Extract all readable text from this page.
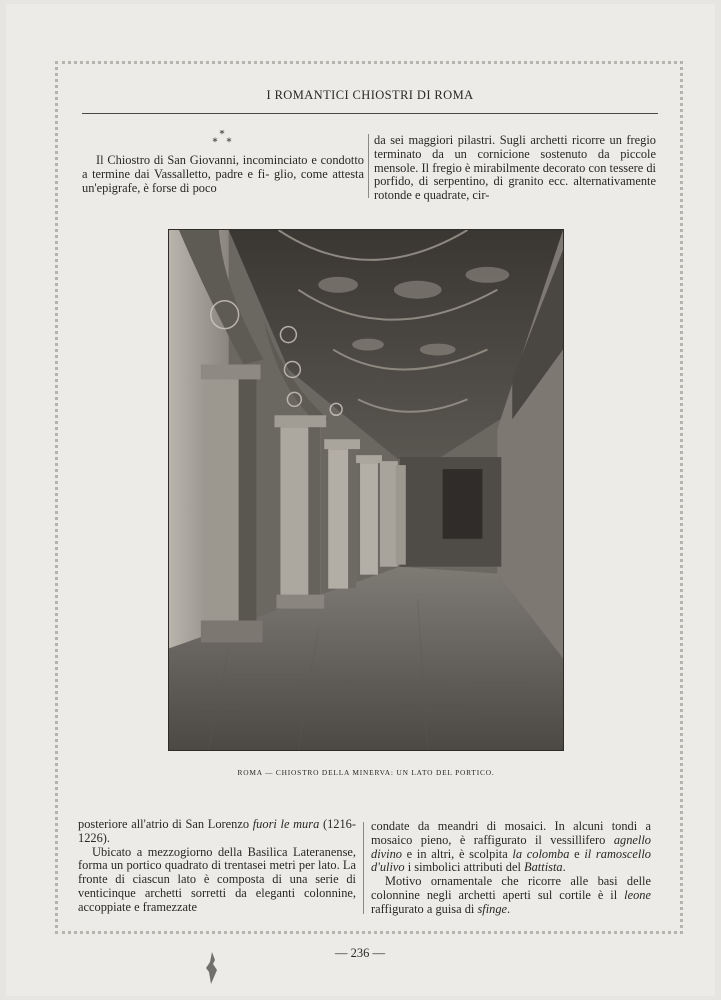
I ROMANTICI CHIOSTRI DI ROMA
*
* *

Il Chiostro di San Giovanni, incominciato e condotto a termine dai Vassalletto, padre e fi- glio, come attesta un'epigrafe, è forse di poco

da sei maggiori pilastri. Sugli archetti ricorre un fregio terminato da un cornicione sostenuto da piccole mensole. Il fregio è mirabilmente decorato con tessere di porfido, di serpentino, di granito ecc. alternativamente rotonde e quadrate, cir-

ROMA — CHIOSTRO DELLA MINERVA: UN LATO DEL PORTICO.

posteriore all'atrio di San Lorenzo fuori le mura (1216-1226).

Ubicato a mezzogiorno della Basilica Lateranense, forma un portico quadrato di trentasei metri per lato. La fronte di ciascun lato è composta di una serie di venticinque archetti sorretti da eleganti colonnine, accoppiate e framezzate

condate da meandri di mosaici. In alcuni tondi a mosaico pieno, è raffigurato il vessillifero agnello divino e in altri, è scolpita la colomba e il ramoscello d'ulivo i simbolici attributi del Battista.

Motivo ornamentale che ricorre alle basi delle colonnine negli archetti aperti sul cortile è il leone raffigurato a guisa di sfinge.

— 236 —
